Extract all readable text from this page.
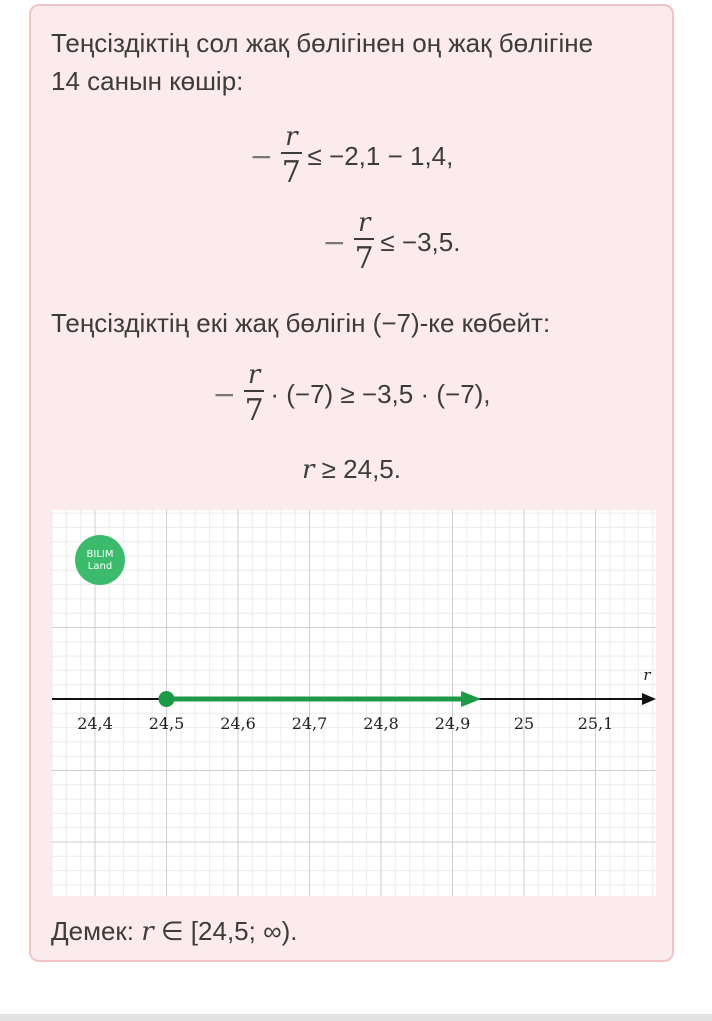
Теңсіздіктің сол жақ бөлігінен оң жақ бөлігіне 14 санын көшір:
− $\frac{r}{7} \le -2,1 - 1,4$,
− $\frac{r}{7} \le -3,5$.
Теңсіздіктің екі жақ бөлігін (−7)-ке көбейт:
− $\frac{r}{7} \cdot (-7) \ge -3,5 \cdot (-7)$,
r ≥ 24,5.
BILIM
Land
r
24,4 24,5 24,6 24,7 24,8 24,9	25	25,1
Демек: r ∈ [24,5; ∞).
